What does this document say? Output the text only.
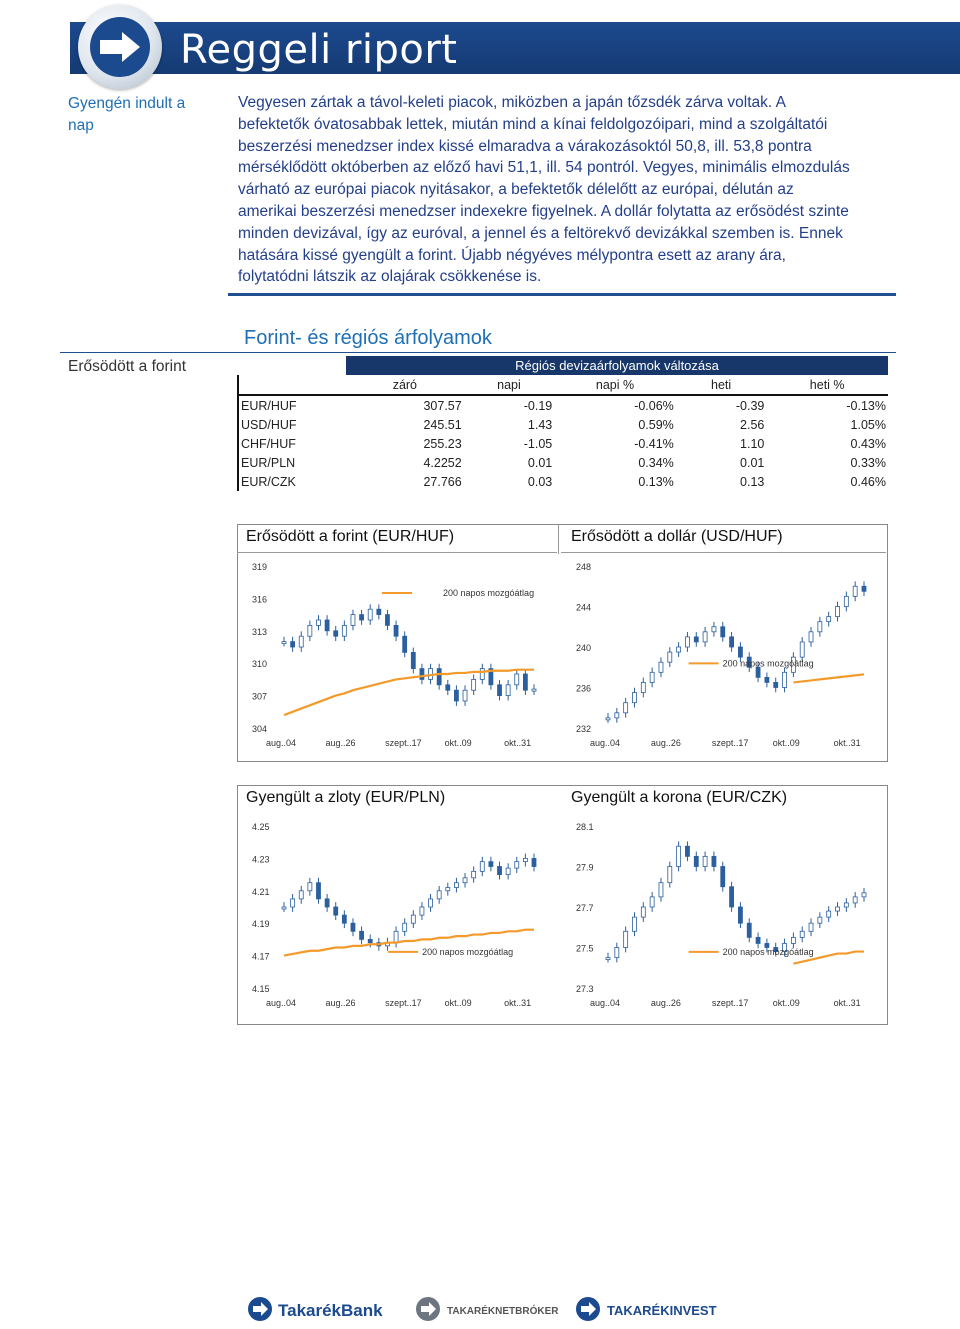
Reggeli riport
Gyengén indult a
nap
Vegyesen zártak a távol-keleti piacok, miközben a japán tőzsdék zárva voltak. A
befektetők óvatosabbak lettek, miután mind a kínai feldolgozóipari, mind a szolgáltatói
beszerzési menedzser index kissé elmaradva a várakozásoktól 50,8, ill. 53,8 pontra
mérséklődött októberben az előző havi 51,1, ill. 54 pontról. Vegyes, minimális elmozdulás
várható az európai piacok nyitásakor, a befektetők délelőtt az európai, délután az
amerikai beszerzési menedzser indexekre figyelnek. A dollár folytatta az erősödést szinte
minden devizával, így az euróval, a jennel és a feltörekvő devizákkal szemben is. Ennek
hatására kissé gyengült a forint. Újabb négyéves mélypontra esett az arany ára,
folytatódni látszik az olajárak csökkenése is.
Erősödött a forint
Forint- és régiós árfolyamok
	Régiós devizaárfolyamok változása				
	záró	napi	napi %	heti	heti %
EUR/HUF	307.57	-0.19	-0.06%	-0.39	-0.13%
USD/HUF	245.51	1.43	0.59%	2.56	1.05%
CHF/HUF	255.23	-1.05	-0.41%	1.10	0.43%
EUR/PLN	4.2252	0.01	0.34%	0.01	0.33%
EUR/CZK	27.766	0.03	0.13%	0.13	0.46%
Erősödött a forint (EUR/HUF)	Erősödött a dollár (USD/HUF)
Gyengült a zloty (EUR/PLN)	Gyengült a korona (EUR/CZK)
319
316
313
310
307
304
aug..04	aug..26	szept..17	okt..09	okt..31
200 napos mozgóátlag
248
244
240
236
232
aug..04	aug..26	szept..17	okt..09	okt..31
200 napos mozgóátlag
4.25
4.23
4.21
4.19
4.17
4.15
aug..04	aug..26	szept..17	okt..09	okt..31
200 napos mozgóátlag
28.1
27.9
27.7
27.5
27.3
aug..04	aug..26	szept..17	okt..09	okt..31
200 napos mozgóátlag
TakarékBank	TAKARÉKNETBRÓKER	TAKARÉKINVEST
